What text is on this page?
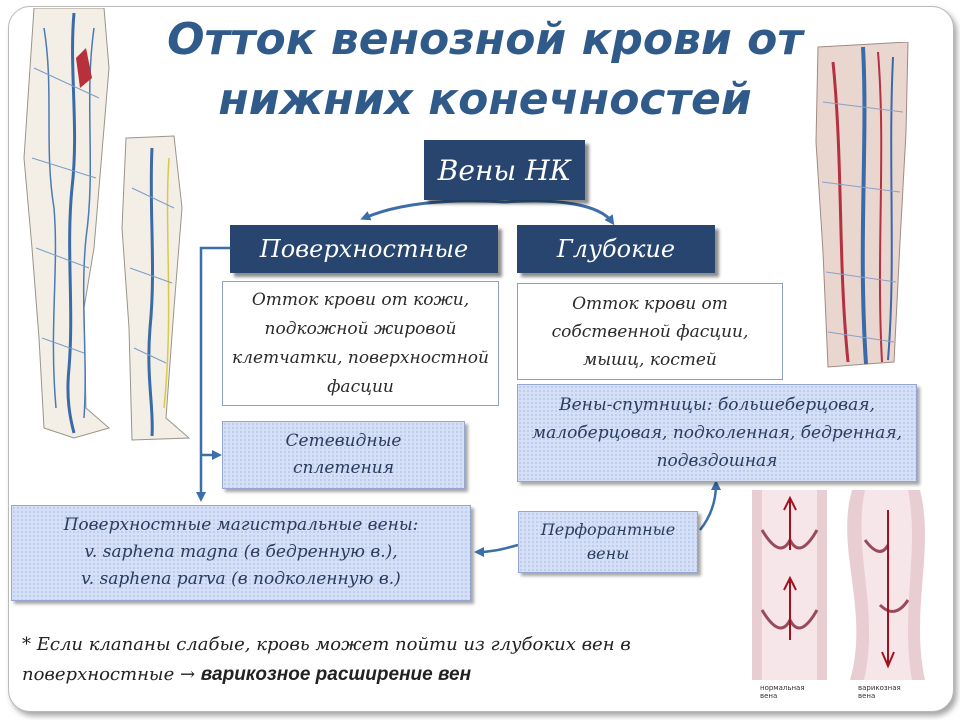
нормальная вена
варикозная вена
Отток венозной крови от нижних конечностей
Вены НК
Поверхностные	Глубокие
Отток крови от кожи, подкожной жировой клетчатки, поверхностной фасции
Отток крови от собственной фасции, мышц, костей
Сетевидные сплетения
Вены-спутницы: большеберцовая, малоберцовая, подколенная, бедренная, подвздошная
Перфорантные вены
Поверхностные магистральные вены:
v. saphena magna (в бедренную в.),
v. saphena parva (в подколенную в.)
* Если клапаны слабые, кровь может пойти из глубоких вен в поверхностные → варикозное расширение вен
